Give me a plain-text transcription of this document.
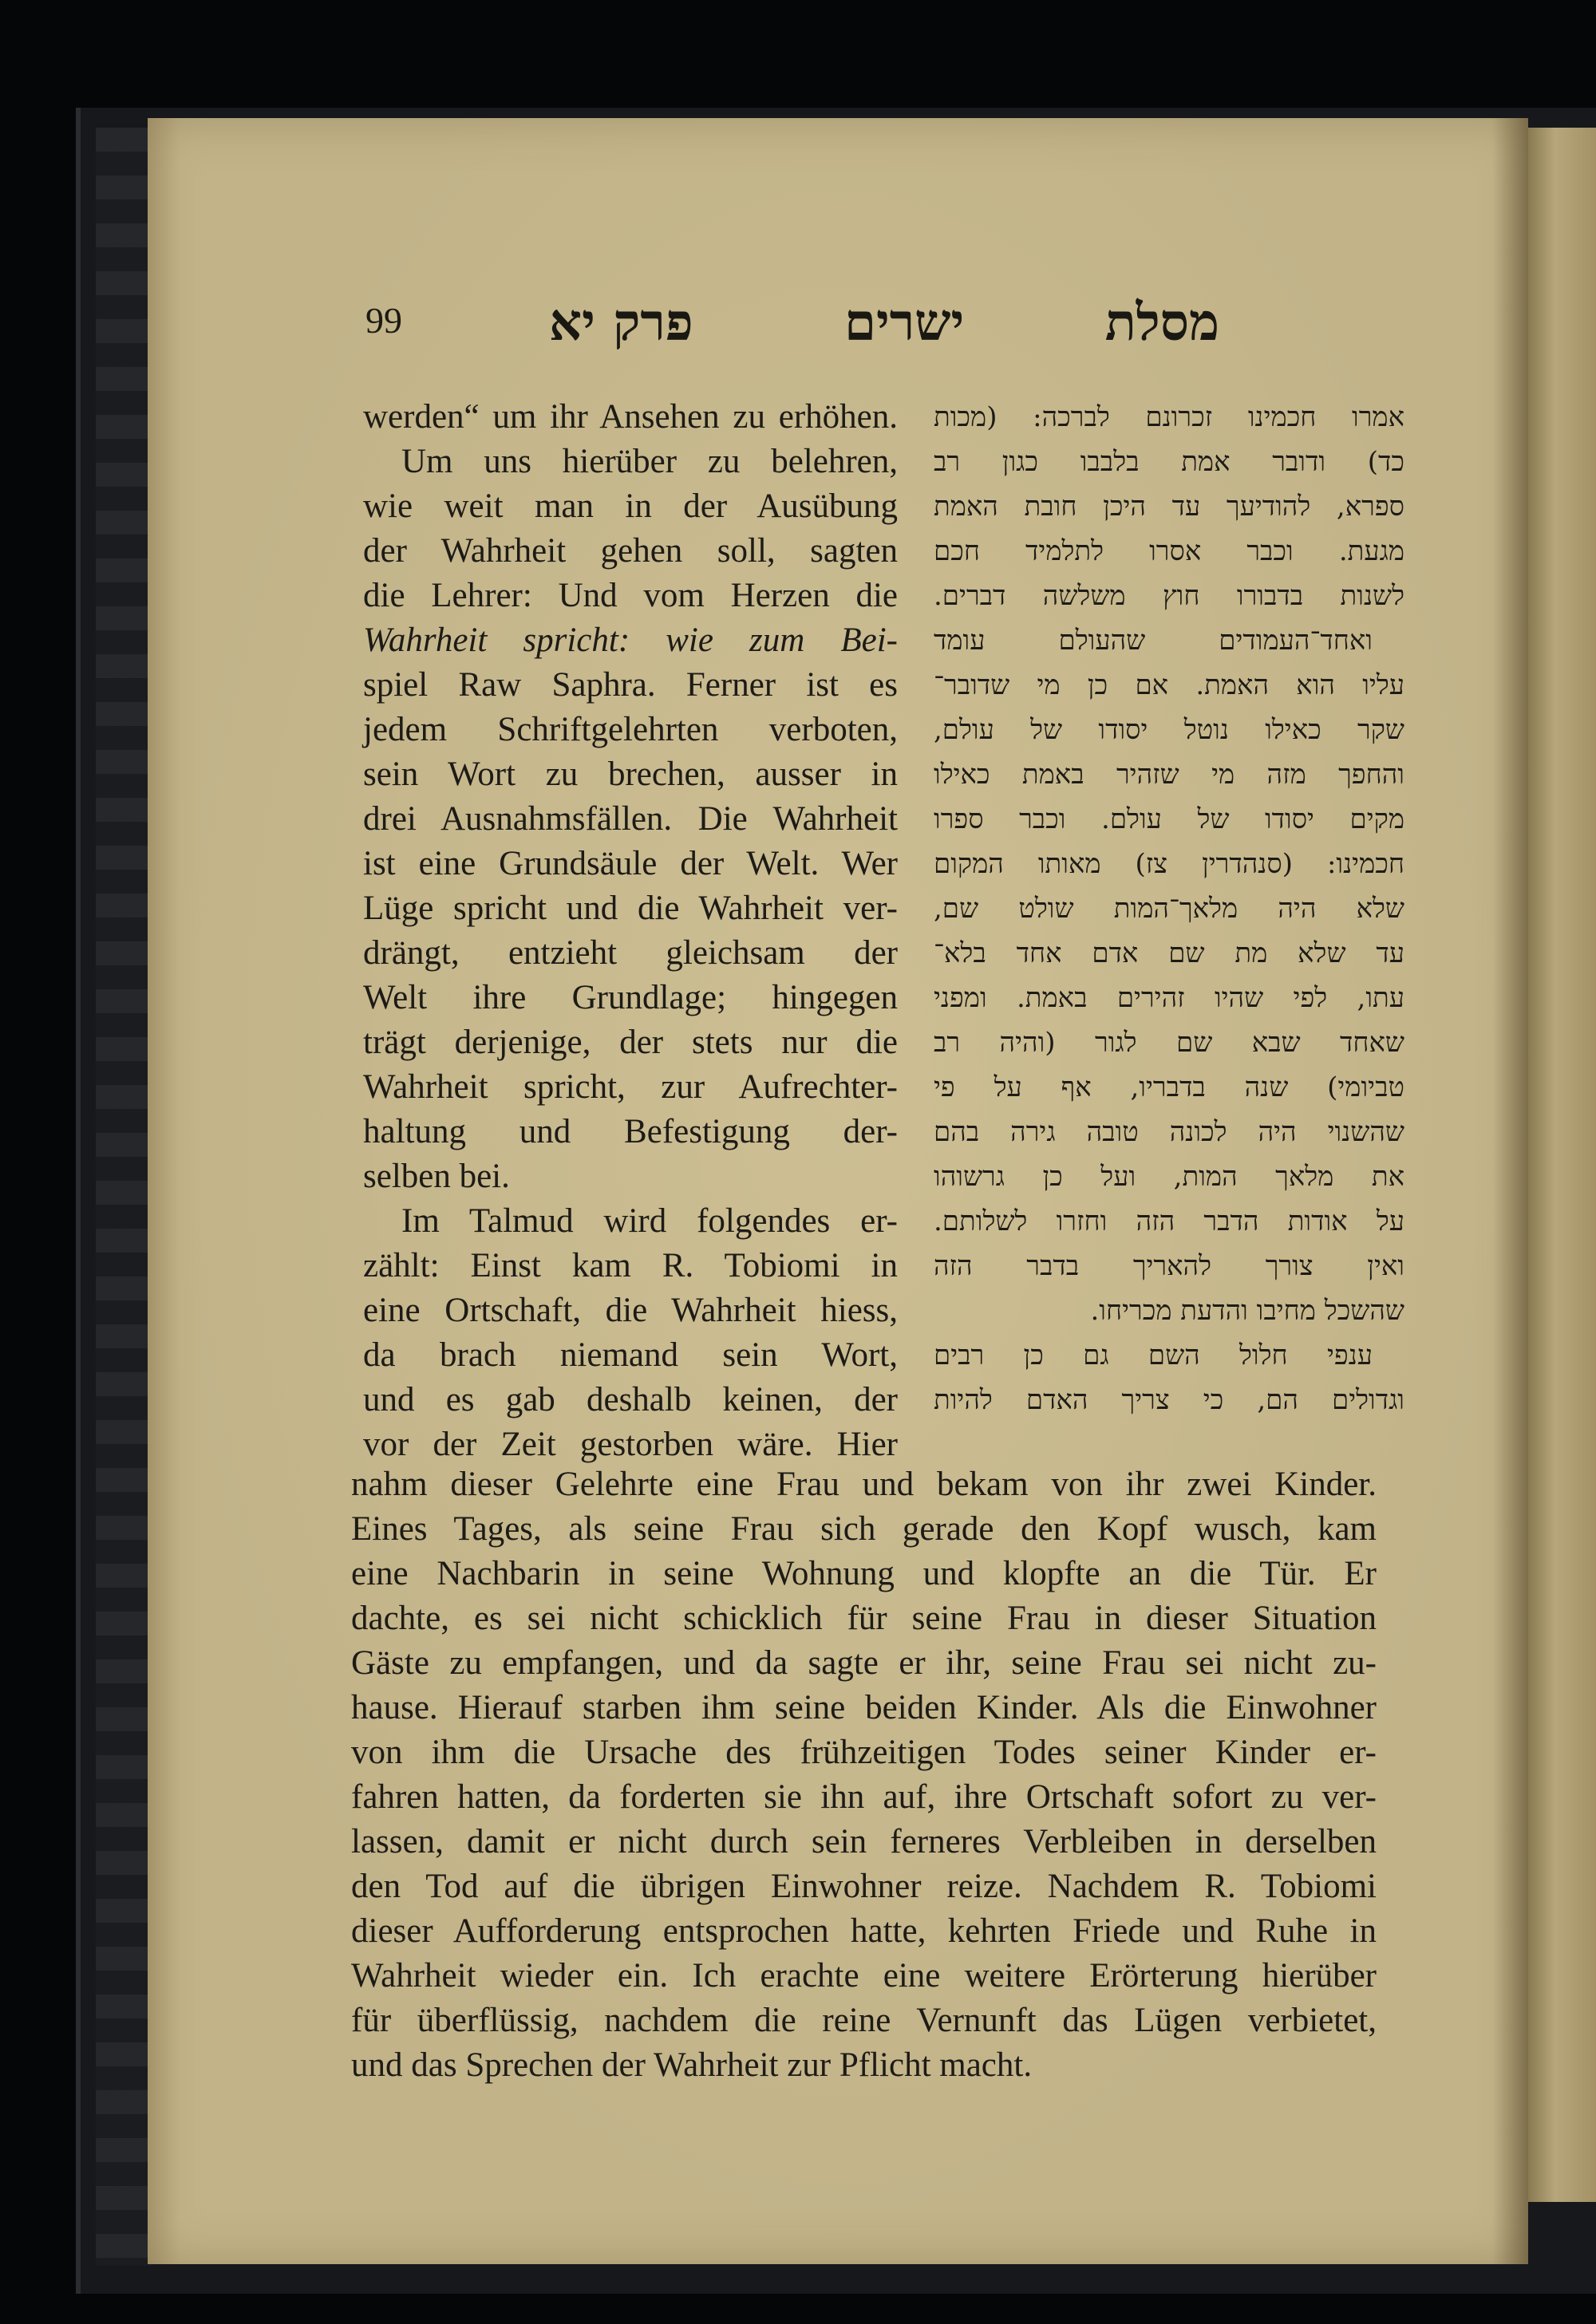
99	מסלת
ישרים
פרק יא
werden“ um ihr Ansehen zu erhöhen.
Um uns hierüber zu belehren,
wie weit man in der Ausübung
der Wahrheit gehen soll, sagten
die Lehrer: Und vom Herzen die
Wahrheit spricht: wie zum Bei-
spiel Raw Saphra. Ferner ist es
jedem Schriftgelehrten verboten,
sein Wort zu brechen, ausser in
drei Ausnahmsfällen. Die Wahrheit
ist eine Grundsäule der Welt. Wer
Lüge spricht und die Wahrheit ver-
drängt, entzieht gleichsam der
Welt ihre Grundlage; hingegen
trägt derjenige, der stets nur die
Wahrheit spricht, zur Aufrechter-
haltung und Befestigung der-
selben bei.
Im Talmud wird folgendes er-
zählt: Einst kam R. Tobiomi in
eine Ortschaft, die Wahrheit hiess,
da brach niemand sein Wort,
und es gab deshalb keinen, der
vor der Zeit gestorben wäre. Hier
אמרו חכמינו זכרונם לברכה: (מכות
כד) ודובר אמת בלבבו כגון רב
ספרא, להודיעך עד היכן חובת האמת
מגעת. וכבר אסרו לתלמיד חכם
לשנות בדבורו חוץ משלשה דברים.
ואחד־העמודים שהעולם עומד
עליו הוא האמת. אם כן מי שדובר־
שקר כאילו נוטל יסודו של עולם,
והחפך מזה מי שזהיר באמת כאילו
מקים יסודו של עולם. וכבר ספרו
חכמינו: (סנהדרין צז) מאותו המקום
שלא היה מלאך־המות שולט שם,
עד שלא מת שם אדם אחד בלא־
עתו, לפי שהיו זהירים באמת. ומפני
שאחד שבא שם לגור (והיה רב
טביומי) שנה בדבריו, אף על פי
שהשנוי היה לכונה טובה גירה בהם
את מלאך המות, ועל כן גרשוהו
על אודות הדבר הזה וחזרו לשלותם.
ואין צורך להאריך בדבר הזה
שהשכל מחיבו והדעת מכריחו.
ענפי חלול השם גם כן רבים
וגדולים הם, כי צריך האדם להיות
nahm dieser Gelehrte eine Frau und bekam von ihr zwei Kinder.
Eines Tages, als seine Frau sich gerade den Kopf wusch, kam
eine Nachbarin in seine Wohnung und klopfte an die Tür. Er
dachte, es sei nicht schicklich für seine Frau in dieser Situation
Gäste zu empfangen, und da sagte er ihr, seine Frau sei nicht zu-
hause. Hierauf starben ihm seine beiden Kinder. Als die Einwohner
von ihm die Ursache des frühzeitigen Todes seiner Kinder er-
fahren hatten, da forderten sie ihn auf, ihre Ortschaft sofort zu ver-
lassen, damit er nicht durch sein ferneres Verbleiben in derselben
den Tod auf die übrigen Einwohner reize. Nachdem R. Tobiomi
dieser Aufforderung entsprochen hatte, kehrten Friede und Ruhe in
Wahrheit wieder ein. Ich erachte eine weitere Erörterung hierüber
für überflüssig, nachdem die reine Vernunft das Lügen verbietet,
und das Sprechen der Wahrheit zur Pflicht macht.
